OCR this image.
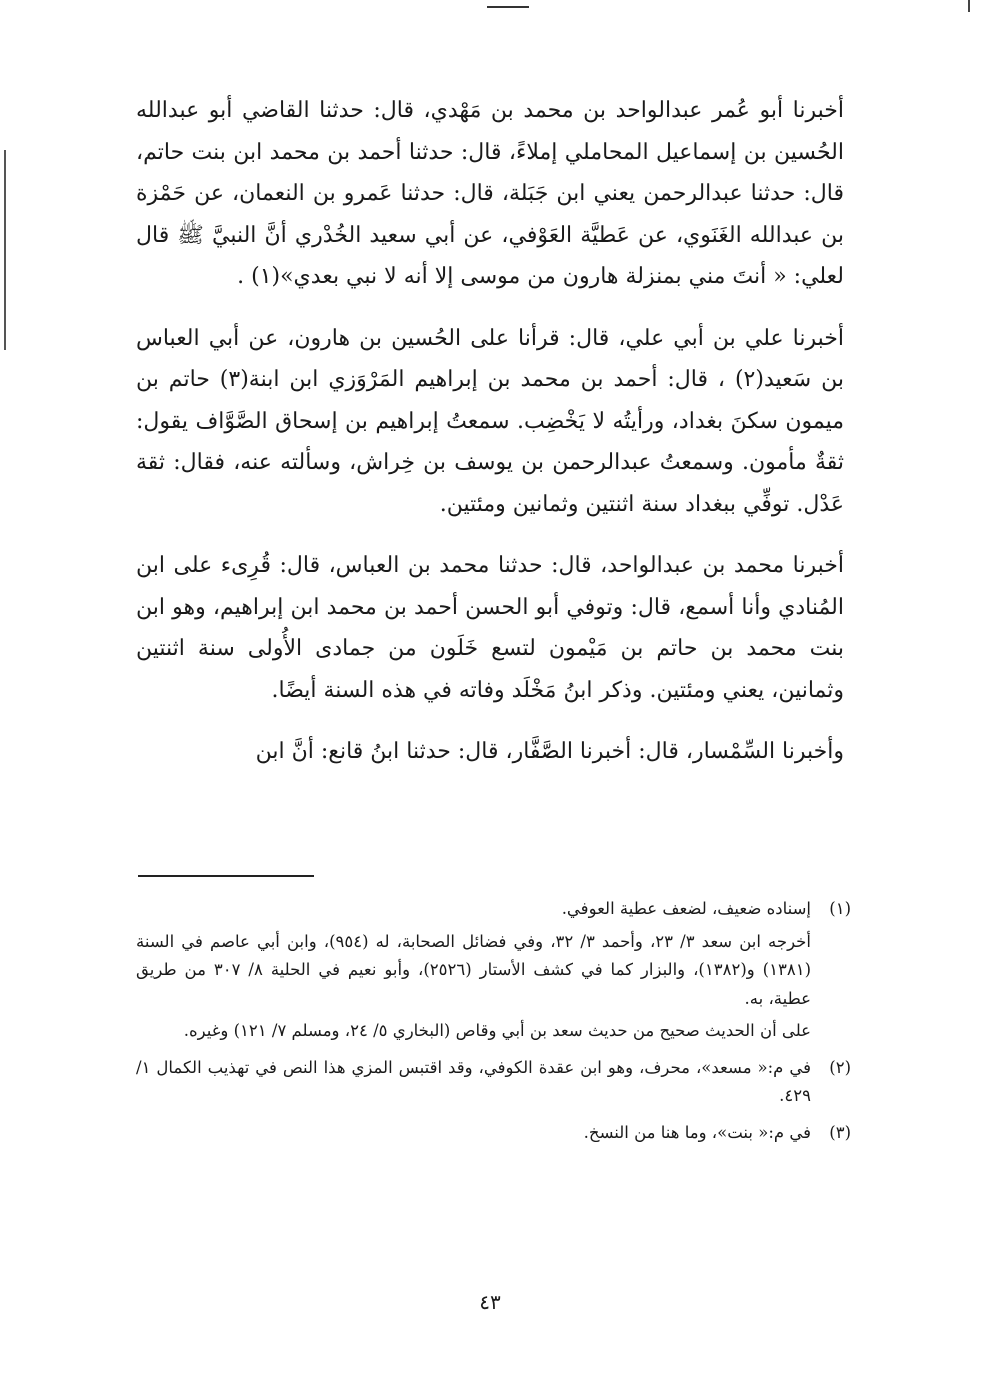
أخبرنا أبو عُمر عبدالواحد بن محمد بن مَهْدي، قال: حدثنا القاضي أبو عبدالله الحُسين بن إسماعيل المحاملي إملاءً، قال: حدثنا أحمد بن محمد ابن بنت حاتم، قال: حدثنا عبدالرحمن يعني ابن جَبَلة، قال: حدثنا عَمرو بن النعمان، عن حَمْزة بن عبدالله الغَنَوي، عن عَطيَّة العَوْفي، عن أبي سعيد الخُدْري أنَّ النبيَّ ﷺ قال لعلي: « أنتَ مني بمنزلة هارون من موسى إلا أنه لا نبي بعدي»(١) .

أخبرنا علي بن أبي علي، قال: قرأنا على الحُسين بن هارون، عن أبي العباس بن سَعيد(٢) ، قال: أحمد بن محمد بن إبراهيم المَرْوَزي ابن ابنة(٣) حاتم بن ميمون سكنَ بغداد، ورأيتُه لا يَخْضِب. سمعتُ إبراهيم بن إسحاق الصَّوَّاف يقول: ثقةٌ مأمون. وسمعتُ عبدالرحمن بن يوسف بن خِراش، وسألته عنه، فقال: ثقة عَدْل. توفِّي ببغداد سنة اثنتين وثمانين ومئتين.

أخبرنا محمد بن عبدالواحد، قال: حدثنا محمد بن العباس، قال: قُرِىء على ابن المُنادي وأنا أسمع، قال: وتوفي أبو الحسن أحمد بن محمد ابن إبراهيم، وهو ابن بنت محمد بن حاتم بن مَيْمون لتسع خَلَون من جمادى الأُولى سنة اثنتين وثمانين، يعني ومئتين. وذكر ابنُ مَخْلَد وفاته في هذه السنة أيضًا.

وأخبرنا السِّمْسار، قال: أخبرنا الصَّفَّار، قال: حدثنا ابنُ قانع: أنَّ ابن

(١)

إسناده ضعيف، لضعف عطية العوفي.

أخرجه ابن سعد ٣/ ٢٣، وأحمد ٣/ ٣٢، وفي فضائل الصحابة، له (٩٥٤)، وابن أبي عاصم في السنة (١٣٨١) و(١٣٨٢)، والبزار كما في كشف الأستار (٢٥٢٦)، وأبو نعيم في الحلية ٨/ ٣٠٧ من طريق عطية، به.

على أن الحديث صحيح من حديث سعد بن أبي وقاص (البخاري ٥/ ٢٤، ومسلم ٧/ ١٢١) وغيره.

(٢)

في م:« مسعد»، محرف، وهو ابن عقدة الكوفي، وقد اقتبس المزي هذا النص في تهذيب الكمال ١/ ٤٢٩.

(٣)

في م:« بنت»، وما هنا من النسخ.

٤٣
